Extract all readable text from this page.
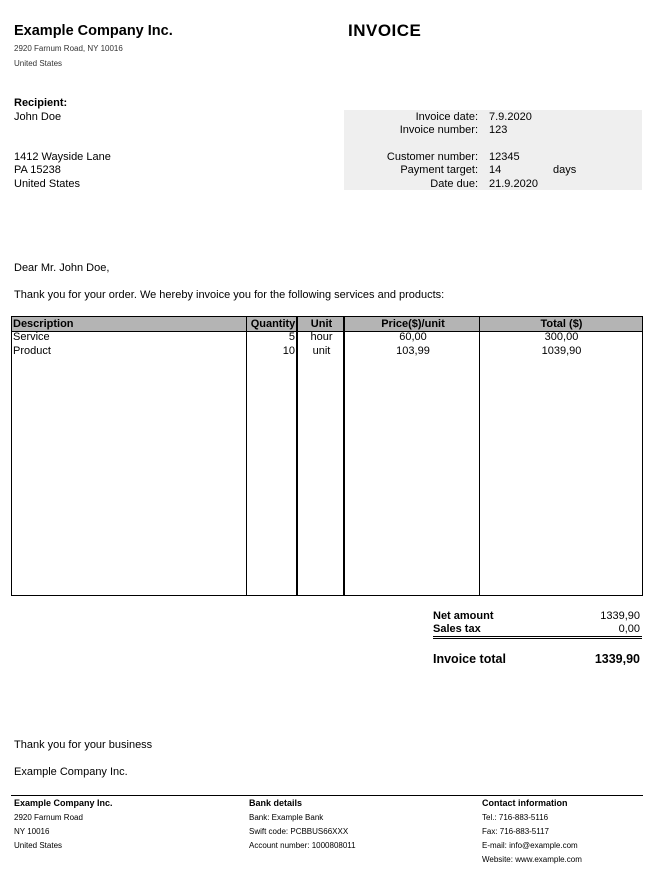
Example Company Inc.
2920 Farnum Road, NY 10016
United States
INVOICE
Recipient:
John Doe
1412 Wayside Lane
PA 15238
United States
Invoice date: 7.9.2020
Invoice number: 123
Customer number: 12345
Payment target: 14	days
Date due: 21.9.2020
Dear Mr. John Doe,
Thank you for your order. We hereby invoice you for the following services and products:
Description	Quantity	Unit	Price($)/unit	Total ($)
Service	5	hour	60,00	300,00
Product	10	unit	103,99	1039,90
Net amount	1339,90
Sales tax	0,00
Invoice total	1339,90
Thank you for your business
Example Company Inc.
Example Company Inc.
2920 Farnum Road
NY 10016
United States
Bank details
Bank: Example Bank
Swift code: PCBBUS66XXX
Account number: 1000808011
Contact information
Tel.: 716-883-5116
Fax: 716-883-5117
E-mail: info@example.com
Website: www.example.com
